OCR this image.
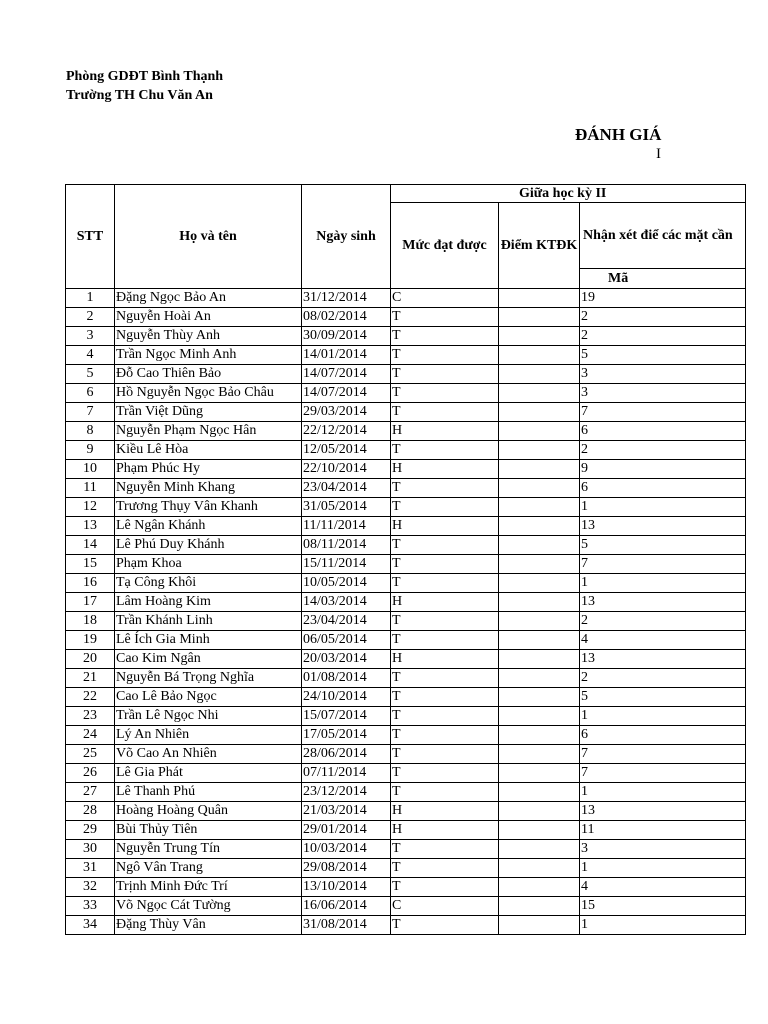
Phòng GDĐT Bình Thạnh
Trường TH Chu Văn An
ĐÁNH GIÁ
I
STT	Họ và tên	Ngày sinh	Giữa học kỳ II		
			Mức đạt được	Điểm KTĐK	Nhận xét điể các mặt cần
					Mã
1	Đặng Ngọc Bảo An	31/12/2014	C		19
2	Nguyễn Hoài An	08/02/2014	T		2
3	Nguyễn Thùy Anh	30/09/2014	T		2
4	Trần Ngọc Minh Anh	14/01/2014	T		5
5	Đỗ Cao Thiên Bảo	14/07/2014	T		3
6	Hồ Nguyễn Ngọc Bảo Châu	14/07/2014	T		3
7	Trần Việt Dũng	29/03/2014	T		7
8	Nguyễn Phạm Ngọc Hân	22/12/2014	H		6
9	Kiều Lê Hòa	12/05/2014	T		2
10	Phạm Phúc Hy	22/10/2014	H		9
11	Nguyễn Minh Khang	23/04/2014	T		6
12	Trương Thụy Vân Khanh	31/05/2014	T		1
13	Lê Ngân Khánh	11/11/2014	H		13
14	Lê Phú Duy Khánh	08/11/2014	T		5
15	Phạm Khoa	15/11/2014	T		7
16	Tạ Công Khôi	10/05/2014	T		1
17	Lâm Hoàng Kim	14/03/2014	H		13
18	Trần Khánh Linh	23/04/2014	T		2
19	Lê Ích Gia Minh	06/05/2014	T		4
20	Cao Kim Ngân	20/03/2014	H		13
21	Nguyễn Bá Trọng Nghĩa	01/08/2014	T		2
22	Cao Lê Bảo Ngọc	24/10/2014	T		5
23	Trần Lê Ngọc Nhi	15/07/2014	T		1
24	Lý An Nhiên	17/05/2014	T		6
25	Võ Cao An Nhiên	28/06/2014	T		7
26	Lê Gia Phát	07/11/2014	T		7
27	Lê Thanh Phú	23/12/2014	T		1
28	Hoàng Hoàng Quân	21/03/2014	H		13
29	Bùi Thủy Tiên	29/01/2014	H		11
30	Nguyễn Trung Tín	10/03/2014	T		3
31	Ngô Vân Trang	29/08/2014	T		1
32	Trịnh Minh Đức Trí	13/10/2014	T		4
33	Võ Ngọc Cát Tường	16/06/2014	C		15
34	Đặng Thùy Vân	31/08/2014	T		1
